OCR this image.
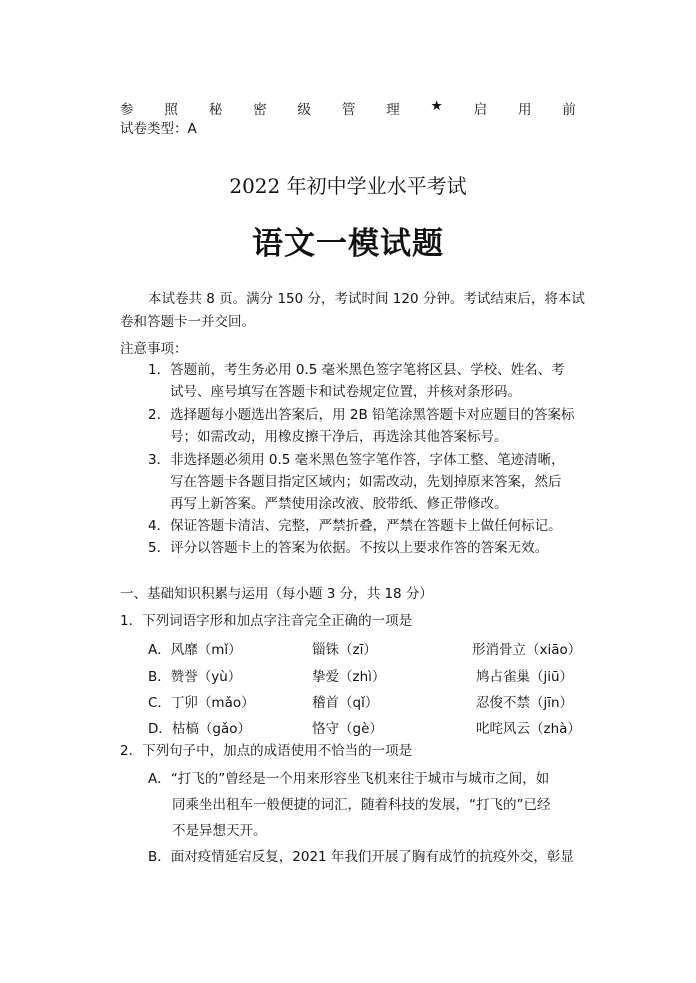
参 照 秘 密 级 管 理 ★ 启 用 前
试卷类型：A
2022 年初中学业水平考试
语文一模试题
本试卷共 8 页。满分 150 分，考试时间 120 分钟。考试结束后，将本试
卷和答题卡一并交回。
注意事项：
1．答题前，考生务必用 0.5 毫米黑色签字笔将区县、学校、姓名、考
试号、座号填写在答题卡和试卷规定位置，并核对条形码。
2．选择题每小题选出答案后，用 2B 铅笔涂黑答题卡对应题目的答案标
号；如需改动，用橡皮擦干净后，再选涂其他答案标号。
3．非选择题必须用 0.5 毫米黑色签字笔作答，字体工整、笔迹清晰，
写在答题卡各题目指定区域内；如需改动，先划掉原来答案，然后
再写上新答案。严禁使用涂改液、胶带纸、修正带修改。
4．保证答题卡清洁、完整，严禁折叠，严禁在答题卡上做任何标记。
5．评分以答题卡上的答案为依据。不按以上要求作答的答案无效。
一、基础知识积累与运用（每小题 3 分，共 18 分）
1．下列词语字形和加点字注音完全正确的一项是
A．风靡（mǐ）	锱铢（zī）	形消骨立（xiāo）
B．赞誉（yù）	挚爱（zhì）	鸠占雀巢（jiū）
C．丁卯（mǎo）	稽首（qǐ）	忍俊不禁（jīn）
D．枯槁（gǎo）	恪守（gè）	叱咤风云（zhà）
2．下列句子中，加点的成语使用不恰当的一项是
A．“打飞的”曾经是一个用来形容坐飞机来往于城市与城市之间，如
同乘坐出租车一般便捷的词汇，随着科技的发展，“打飞的”已经
不是异想天开。
B．面对疫情延宕反复，2021 年我们开展了胸有成竹的抗疫外交，彰显
